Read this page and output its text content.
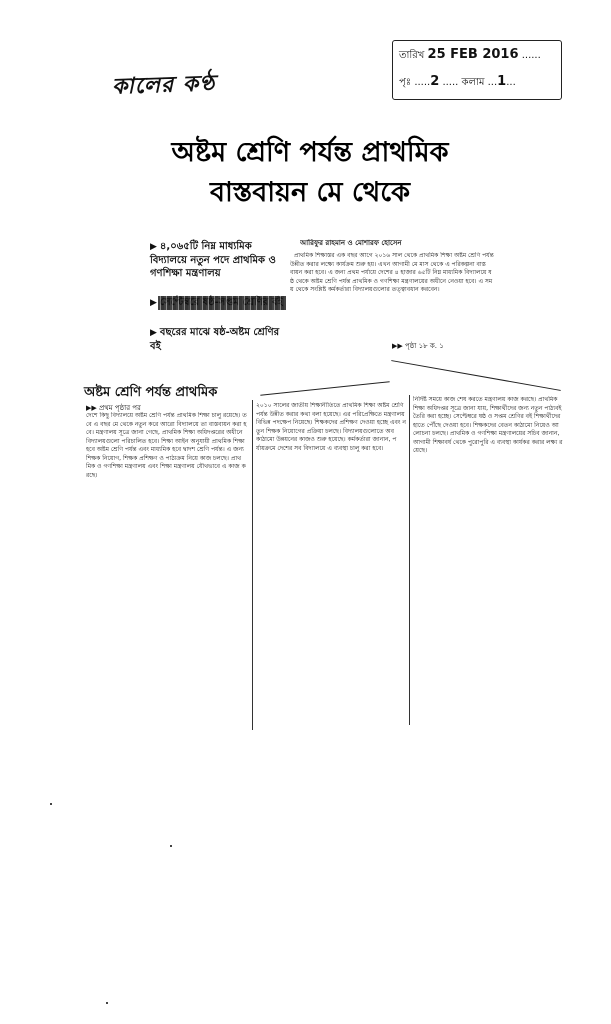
কালের কণ্ঠ
তারিখ 25 FEB 2016 ......
পৃঃ .....2 ..... কলাম ...1...
অষ্টম শ্রেণি পর্যন্ত প্রাথমিক
বাস্তবায়ন মে থেকে
▶ ৪,০৬৫টি নিম্ন মাধ্যমিক বিদ্যালয়ে নতুন পদে প্রাথমিক ও গণশিক্ষা মন্ত্রণালয়
▶
▶ বছরের মাঝে ষষ্ঠ-অষ্টম শ্রেণির বই
আরিফুর রাহমান ও মোশারফ হোসেন
প্রাথমিক শিক্ষাস্তর এক বছর আগে ২০১৬ সাল থেকে প্রাথমিক শিক্ষা অষ্টম শ্রেণি পর্যন্ত উন্নীত করার লক্ষ্যে কার্যক্রম শুরু হয়। এখন আগামী মে মাস থেকে এ পরিকল্পনা বাস্তবায়ন করা হবে। এ জন্য প্রথম পর্যায়ে দেশের ৪ হাজার ৬৫টি নিম্ন মাধ্যমিক বিদ্যালয়ে ষষ্ঠ থেকে অষ্টম শ্রেণি পর্যন্ত প্রাথমিক ও গণশিক্ষা মন্ত্রণালয়ের অধীনে নেওয়া হবে। এ সময় থেকে সংশ্লিষ্ট কর্মকর্তারা বিদ্যালয়গুলোর তত্ত্বাবধান করবেন।
▶▶ পৃষ্ঠা ১৮ ক. ১
অষ্টম শ্রেণি পর্যন্ত প্রাথমিক
▶▶ প্রথম পৃষ্ঠার পর
দেশে কিছু বিদ্যালয়ে অষ্টম শ্রেণি পর্যন্ত প্রাথমিক শিক্ষা চালু রয়েছে। তবে এ বছর মে থেকে নতুন করে আরো বিদ্যালয়ে তা বাস্তবায়ন করা হবে। মন্ত্রণালয় সূত্রে জানা গেছে, প্রাথমিক শিক্ষা অধিদপ্তরের অধীনে বিদ্যালয়গুলো পরিচালিত হবে। শিক্ষা আইন অনুযায়ী প্রাথমিক শিক্ষা হবে অষ্টম শ্রেণি পর্যন্ত এবং মাধ্যমিক হবে দ্বাদশ শ্রেণি পর্যন্ত। এ জন্য শিক্ষক নিয়োগ, শিক্ষক প্রশিক্ষণ ও পাঠ্যক্রম নিয়ে কাজ চলছে। প্রাথমিক ও গণশিক্ষা মন্ত্রণালয় এবং শিক্ষা মন্ত্রণালয় যৌথভাবে এ কাজ করছে।
২০১০ সালের জাতীয় শিক্ষানীতিতে প্রাথমিক শিক্ষা অষ্টম শ্রেণি পর্যন্ত উন্নীত করার কথা বলা হয়েছে। এর পরিপ্রেক্ষিতে মন্ত্রণালয় বিভিন্ন পদক্ষেপ নিয়েছে। শিক্ষকদের প্রশিক্ষণ দেওয়া হচ্ছে এবং নতুন শিক্ষক নিয়োগের প্রক্রিয়া চলছে। বিদ্যালয়গুলোতে অবকাঠামো উন্নয়নের কাজও শুরু হয়েছে। কর্মকর্তারা জানান, পর্যায়ক্রমে দেশের সব বিদ্যালয়ে এ ব্যবস্থা চালু করা হবে।
নির্দিষ্ট সময়ে কাজ শেষ করতে মন্ত্রণালয় কাজ করছে। প্রাথমিক শিক্ষা অধিদপ্তর সূত্রে জানা যায়, শিক্ষার্থীদের জন্য নতুন পাঠ্যবই তৈরি করা হচ্ছে। সেপ্টেম্বরে ষষ্ঠ ও সপ্তম শ্রেণির বই শিক্ষার্থীদের হাতে পৌঁছে দেওয়া হবে। শিক্ষকদের বেতন কাঠামো নিয়েও আলোচনা চলছে। প্রাথমিক ও গণশিক্ষা মন্ত্রণালয়ের সচিব জানান, আগামী শিক্ষাবর্ষ থেকে পুরোপুরি এ ব্যবস্থা কার্যকর করার লক্ষ্য রয়েছে।
